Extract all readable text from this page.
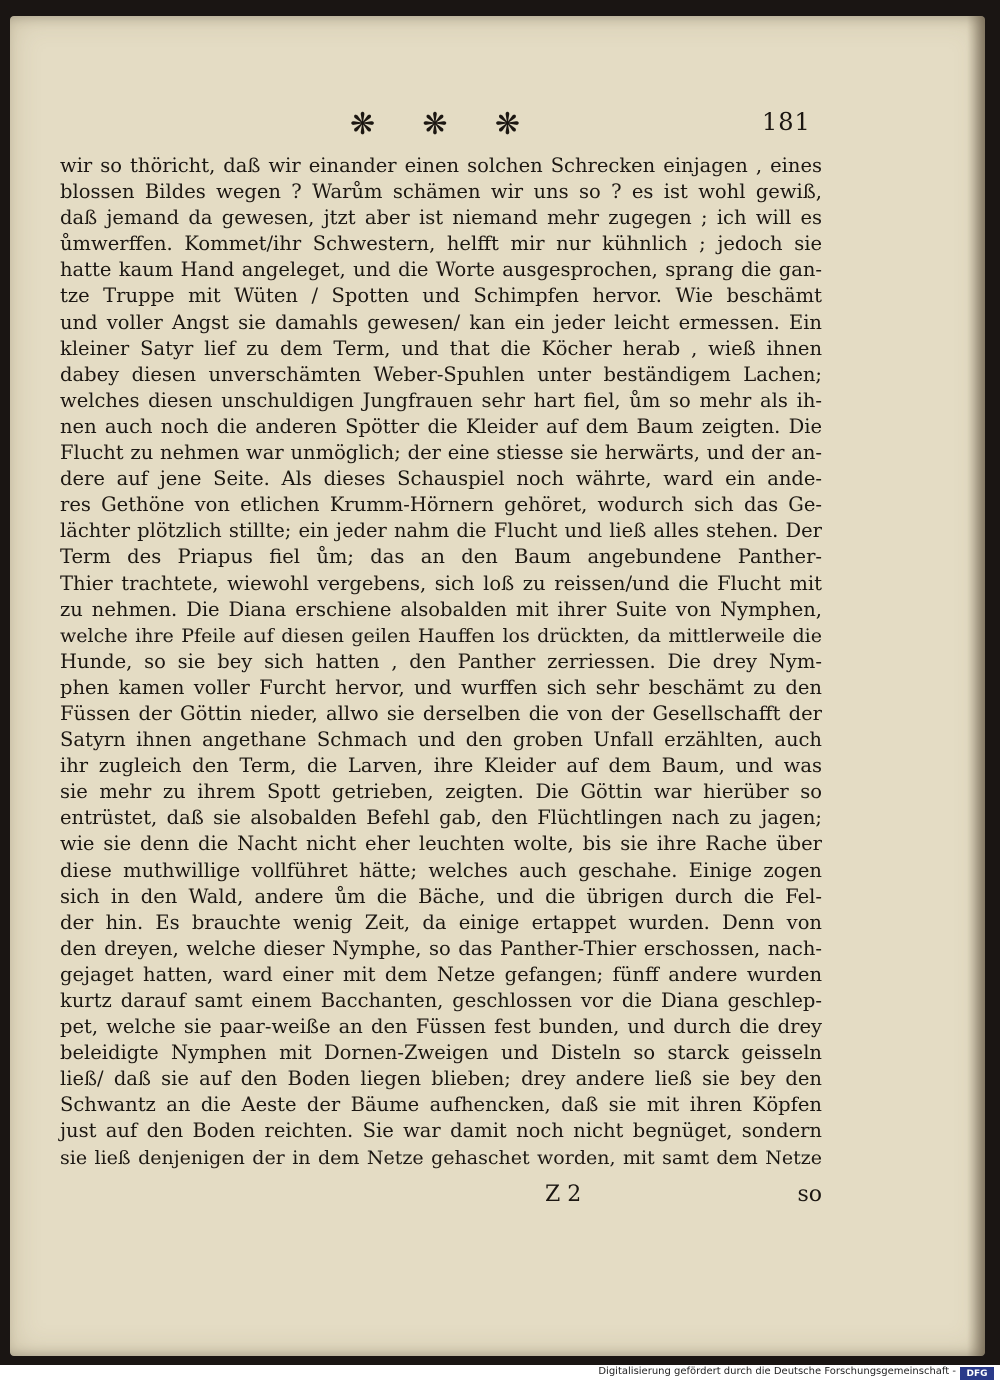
❋ ❋ ❋	181
wir so thöricht, daß wir einander einen solchen Schrecken einjagen , eines
blossen Bildes wegen ? Warům schämen wir uns so ? es ist wohl gewiß,
daß jemand da gewesen, jtzt aber ist niemand mehr zugegen ; ich will es
ůmwerffen. Kommet/ihr Schwestern, helfft mir nur kühnlich ; jedoch sie
hatte kaum Hand angeleget, und die Worte ausgesprochen, sprang die gan-
tze Truppe mit Wüten / Spotten und Schimpfen hervor. Wie beschämt
und voller Angst sie damahls gewesen/ kan ein jeder leicht ermessen. Ein
kleiner Satyr lief zu dem Term, und that die Köcher herab , wieß ihnen
dabey diesen unverschämten Weber-Spuhlen unter beständigem Lachen;
welches diesen unschuldigen Jungfrauen sehr hart fiel, ům so mehr als ih-
nen auch noch die anderen Spötter die Kleider auf dem Baum zeigten. Die
Flucht zu nehmen war unmöglich; der eine stiesse sie herwärts, und der an-
dere auf jene Seite. Als dieses Schauspiel noch währte, ward ein ande-
res Gethöne von etlichen Krumm-Hörnern gehöret, wodurch sich das Ge-
lächter plötzlich stillte; ein jeder nahm die Flucht und ließ alles stehen. Der
Term des Priapus fiel ům; das an den Baum angebundene Panther-
Thier trachtete, wiewohl vergebens, sich loß zu reissen/und die Flucht mit
zu nehmen. Die Diana erschiene alsobalden mit ihrer Suite von Nymphen,
welche ihre Pfeile auf diesen geilen Hauffen los drückten, da mittlerweile die
Hunde, so sie bey sich hatten , den Panther zerriessen. Die drey Nym-
phen kamen voller Furcht hervor, und wurffen sich sehr beschämt zu den
Füssen der Göttin nieder, allwo sie derselben die von der Gesellschafft der
Satyrn ihnen angethane Schmach und den groben Unfall erzählten, auch
ihr zugleich den Term, die Larven, ihre Kleider auf dem Baum, und was
sie mehr zu ihrem Spott getrieben, zeigten. Die Göttin war hierüber so
entrüstet, daß sie alsobalden Befehl gab, den Flüchtlingen nach zu jagen;
wie sie denn die Nacht nicht eher leuchten wolte, bis sie ihre Rache über
diese muthwillige vollführet hätte; welches auch geschahe. Einige zogen
sich in den Wald, andere ům die Bäche, und die übrigen durch die Fel-
der hin. Es brauchte wenig Zeit, da einige ertappet wurden. Denn von
den dreyen, welche dieser Nymphe, so das Panther-Thier erschossen, nach-
gejaget hatten, ward einer mit dem Netze gefangen; fünff andere wurden
kurtz darauf samt einem Bacchanten, geschlossen vor die Diana geschlep-
pet, welche sie paar-weiße an den Füssen fest bunden, und durch die drey
beleidigte Nymphen mit Dornen-Zweigen und Disteln so starck geisseln
ließ/ daß sie auf den Boden liegen blieben; drey andere ließ sie bey den
Schwantz an die Aeste der Bäume aufhencken, daß sie mit ihren Köpfen
just auf den Boden reichten. Sie war damit noch nicht begnüget, sondern
sie ließ denjenigen der in dem Netze gehaschet worden, mit samt dem Netze
Z 2	so
Digitalisierung gefördert durch die Deutsche Forschungsgemeinschaft -	DFG
